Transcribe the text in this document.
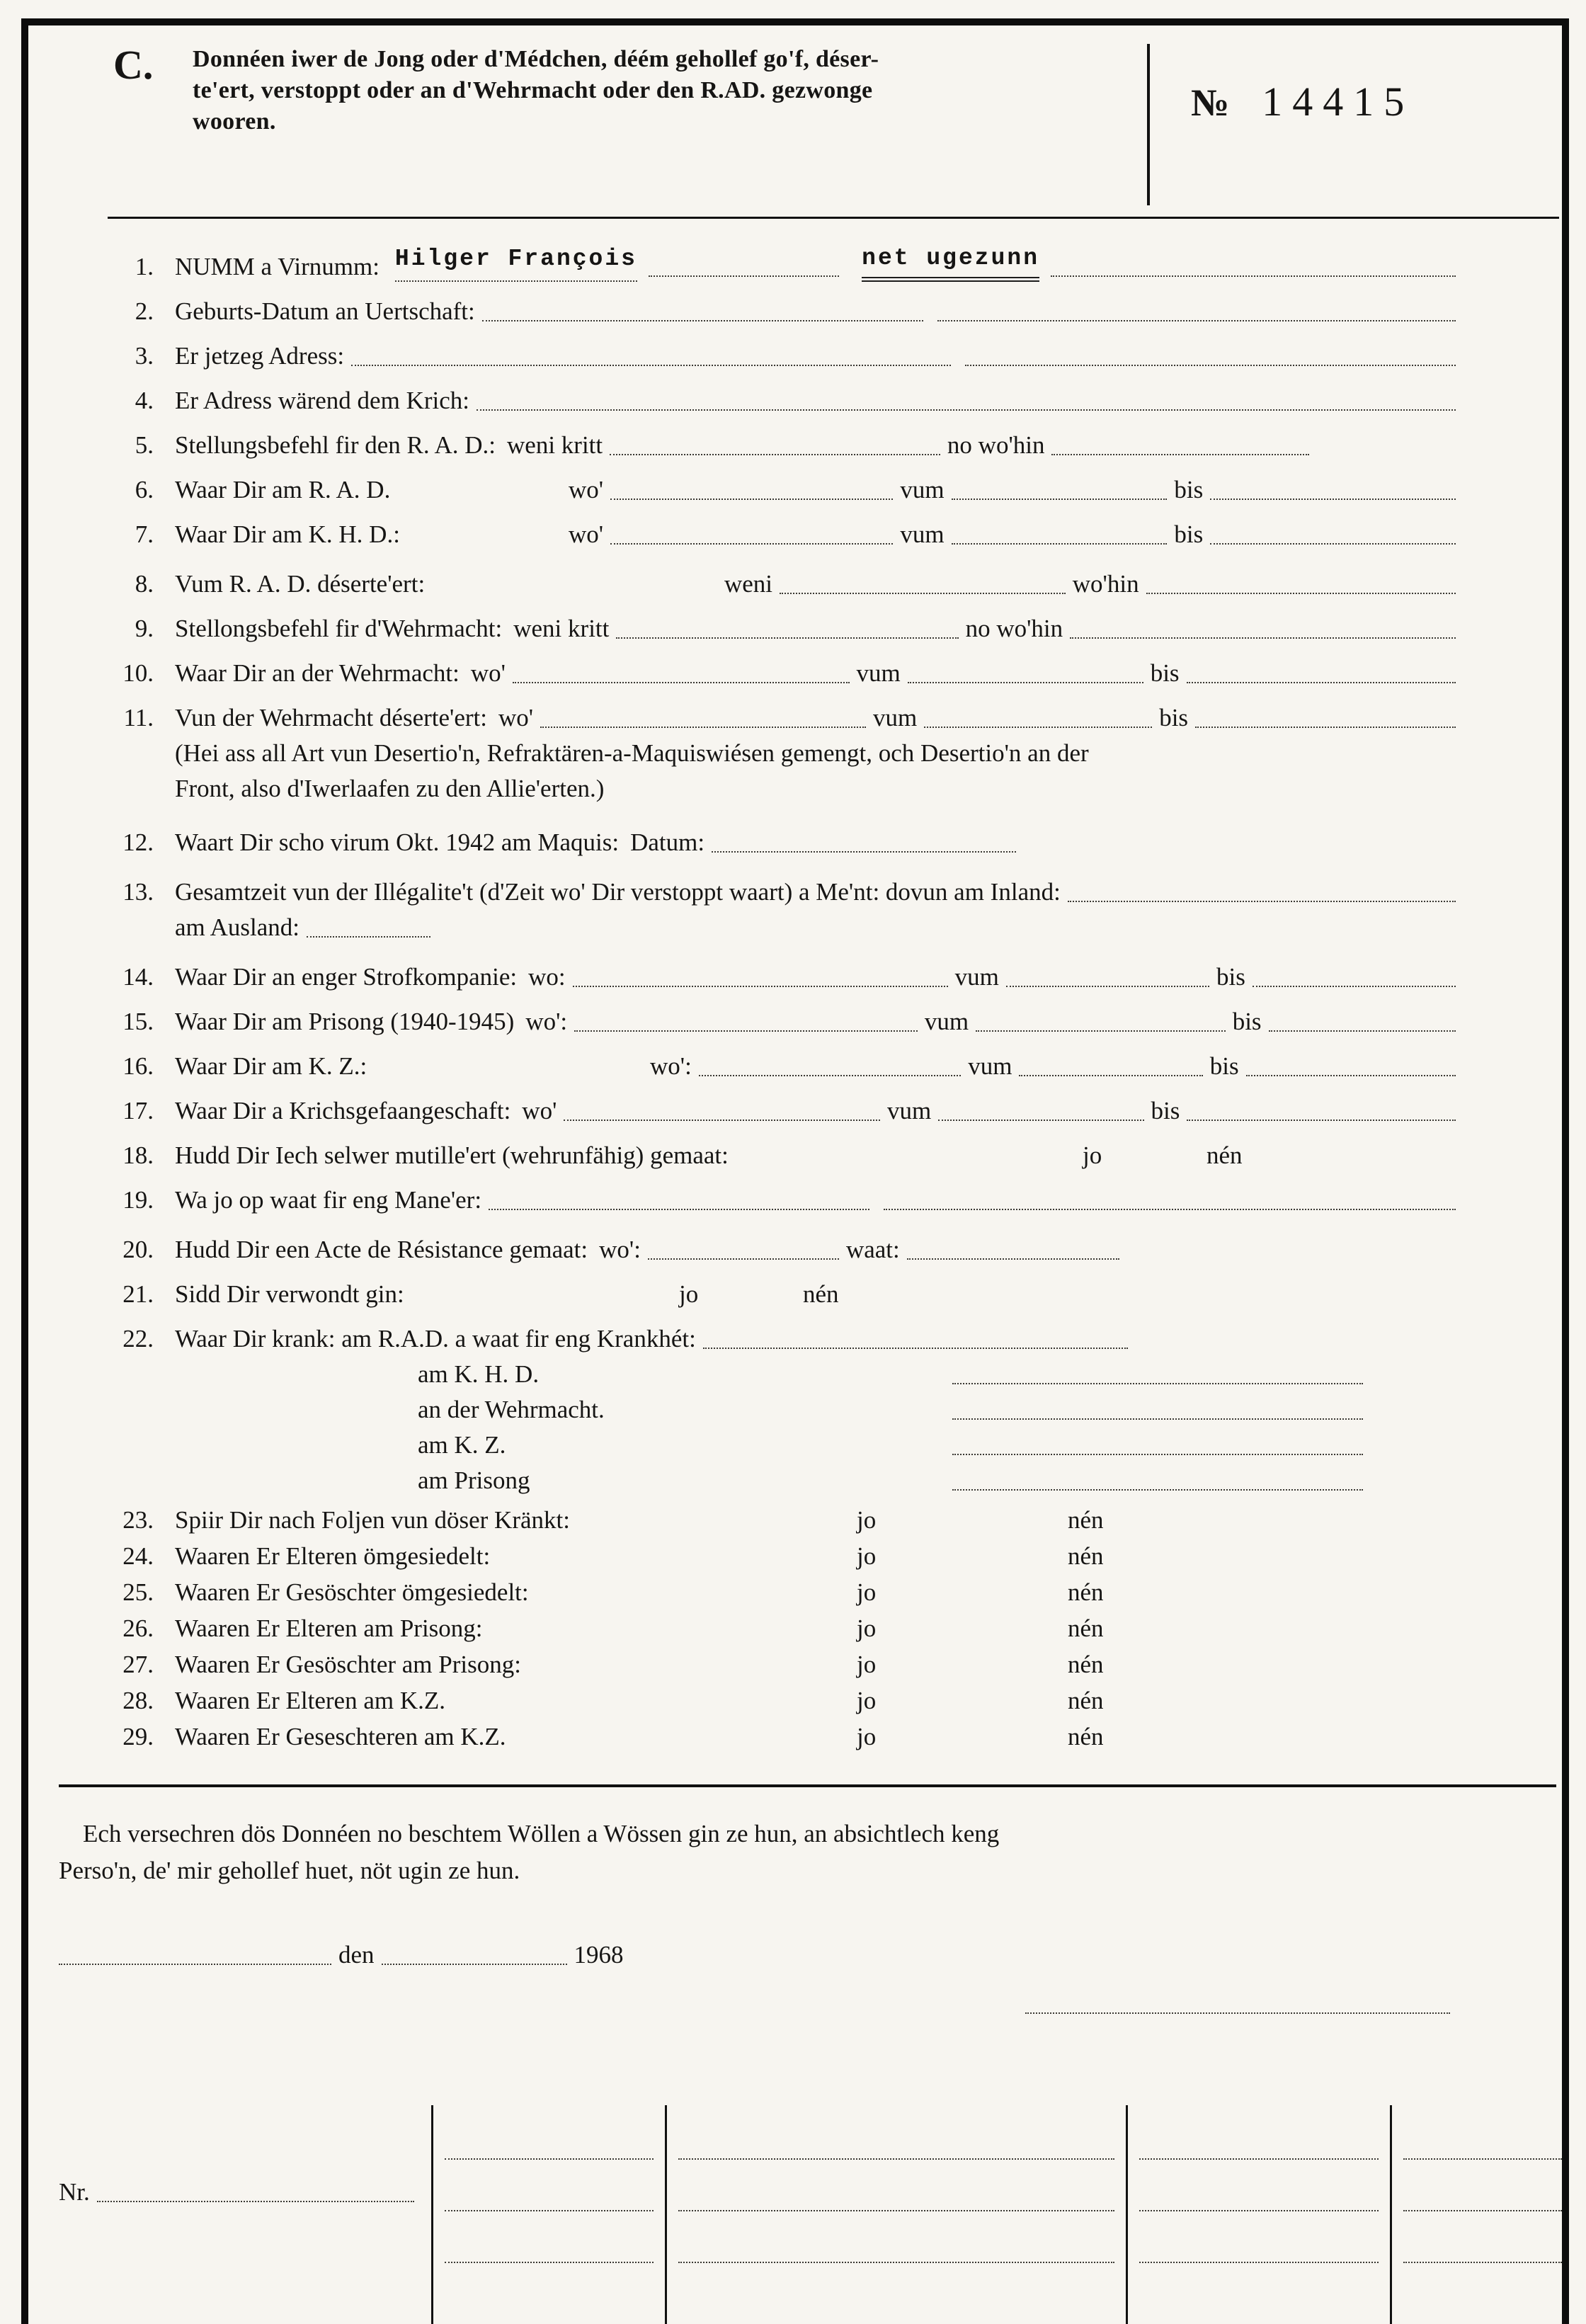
C.	Donnéen iwer de Jong oder d'Médchen, déém gehollef go'f, déser-
te'ert, verstoppt oder an d'Wehrmacht oder den R.AD. gezwonge
wooren.	№ 14415
1. NUMM a Virnumm: Hilger François	net ugezunn
2. Geburts-Datum an Uertschaft:
3. Er jetzeg Adress:
4. Er Adress wärend dem Krich:
5. Stellungsbefehl fir den R. A. D.: weni kritt	no wo'hin
6. Waar Dir am R. A. D.	wo'	vum	bis
7. Waar Dir am K. H. D.:	wo'	vum	bis
8. Vum R. A. D. déserte'ert:	weni	wo'hin
9. Stellongsbefehl fir d'Wehrmacht: weni kritt	no wo'hin
10. Waar Dir an der Wehrmacht: wo'	vum	bis
11. Vun der Wehrmacht déserte'ert: wo'	vum	bis
(Hei ass all Art vun Desertio'n, Refraktären-a-Maquiswiésen gemengt, och Desertio'n an der
Front, also d'Iwerlaafen zu den Allie'erten.)
12. Waart Dir scho virum Okt. 1942 am Maquis: Datum:
13. Gesamtzeit vun der Illégalite't (d'Zeit wo' Dir verstoppt waart) a Me'nt: dovun am Inland:
am Ausland:
14. Waar Dir an enger Strofkompanie: wo:	vum	bis
15. Waar Dir am Prisong (1940-1945) wo':	vum	bis
16. Waar Dir am K. Z.:	wo':	vum	bis
17. Waar Dir a Krichsgefaangeschaft: wo'	vum	bis
18. Hudd Dir Iech selwer mutille'ert (wehrunfähig) gemaat:	jo	nén
19. Wa jo op waat fir eng Mane'er:
20. Hudd Dir een Acte de Résistance gemaat: wo':	waat:
21. Sidd Dir verwondt gin:	jo	nén
22. Waar Dir krank: am R.A.D. a waat fir eng Krankhét:
am K. H. D.
an der Wehrmacht.
am K. Z.
am Prisong
23. Spiir Dir nach Foljen vun döser Kränkt:	jo	nén
24. Waaren Er Elteren ömgesiedelt:	jo	nén
25. Waaren Er Gesöschter ömgesiedelt:	jo	nén
26. Waaren Er Elteren am Prisong:	jo	nén
27. Waaren Er Gesöschter am Prisong:	jo	nén
28. Waaren Er Elteren am K.Z.	jo	nén
29. Waaren Er Geseschteren am K.Z.	jo	nén
Ech versechren dös Donnéen no beschtem Wöllen a Wössen gin ze hun, an absichtlech keng
Perso'n, de' mir gehollef huet, nöt ugin ze hun.
den	1968
Nr.
